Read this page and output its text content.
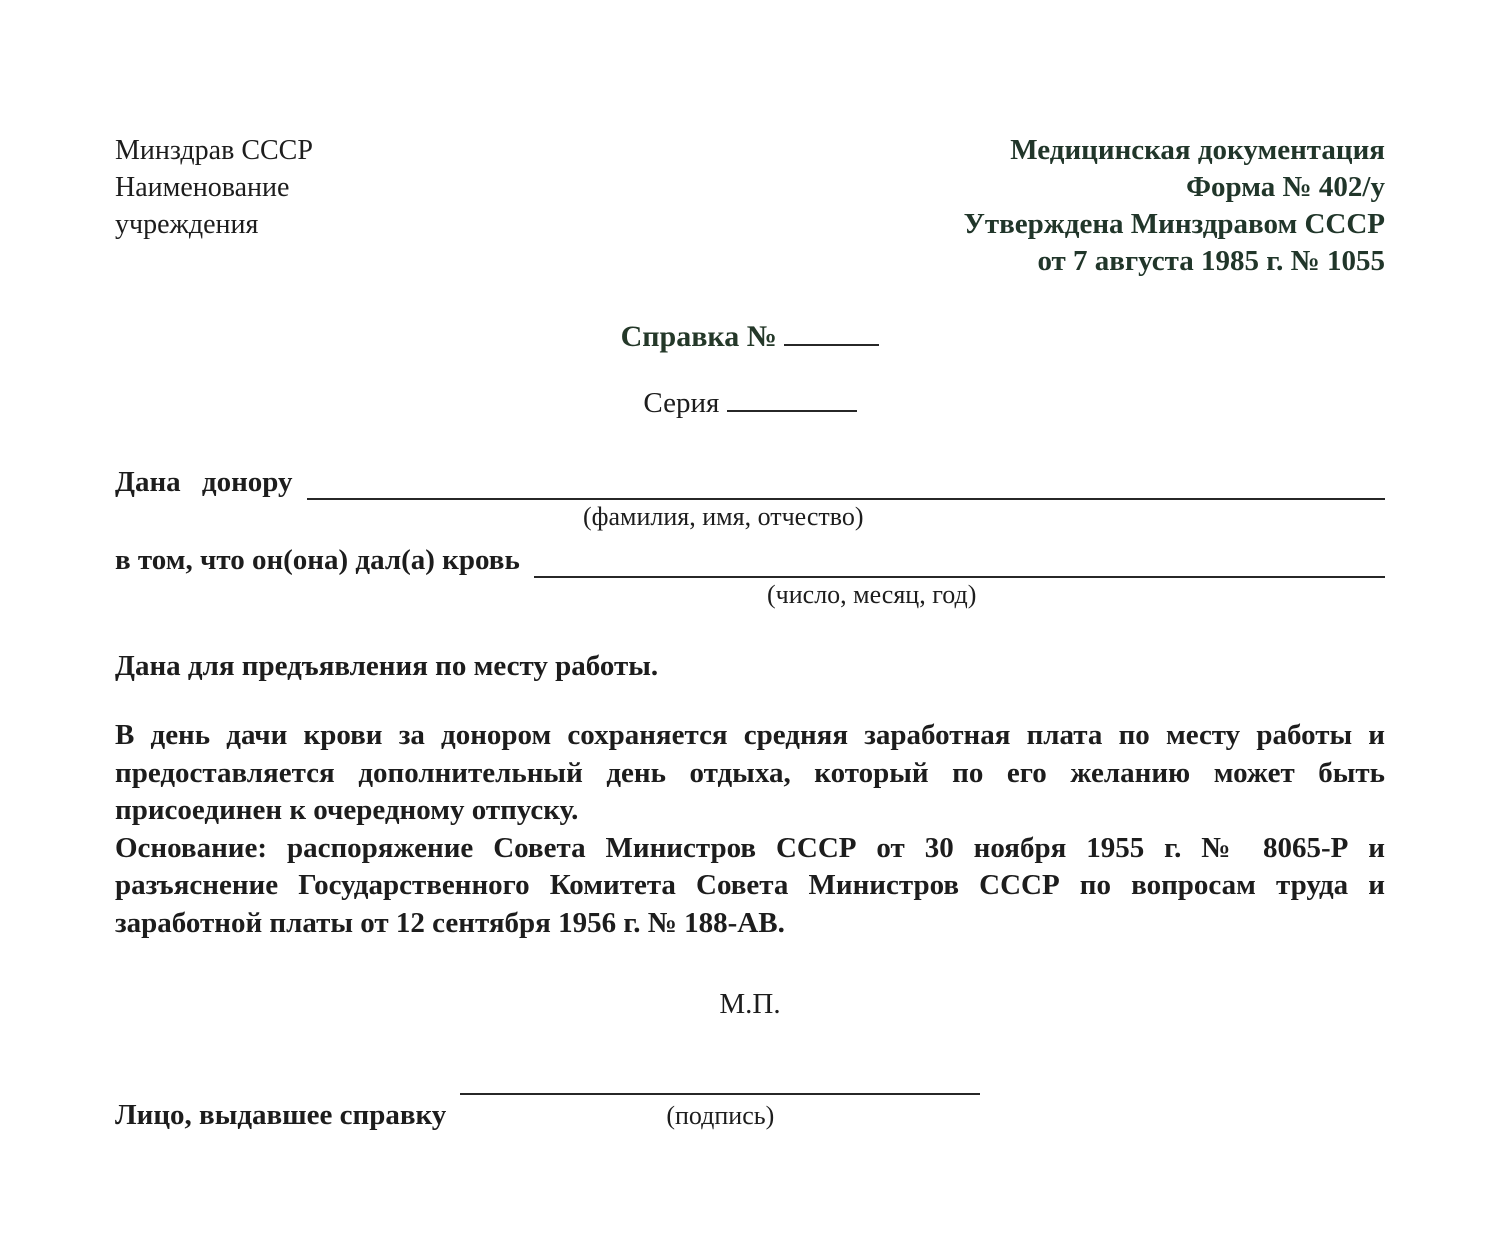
Минздрав СССР
Наименование
учреждения
Медицинская документация
Форма № 402/у
Утверждена Минздравом СССР
от 7 августа 1985 г. № 1055
Справка №
Серия
Дана донору
(фамилия, имя, отчество)
в том, что он(она) дал(а) кровь
(число, месяц, год)
Дана для предъявления по месту работы.
В день дачи крови за донором сохраняется средняя заработная плата по месту работы и предоставляется дополнительный день отдыха, который по его желанию может быть присоединен к очередному отпуску.
Основание: распоряжение Совета Министров СССР от 30 ноября 1955 г. № 8065-Р и разъяснение Государственного Комитета Совета Министров СССР по вопросам труда и заработной платы от 12 сентября 1956 г. № 188-АВ.
М.П.
Лицо, выдавшее справку	(подпись)
